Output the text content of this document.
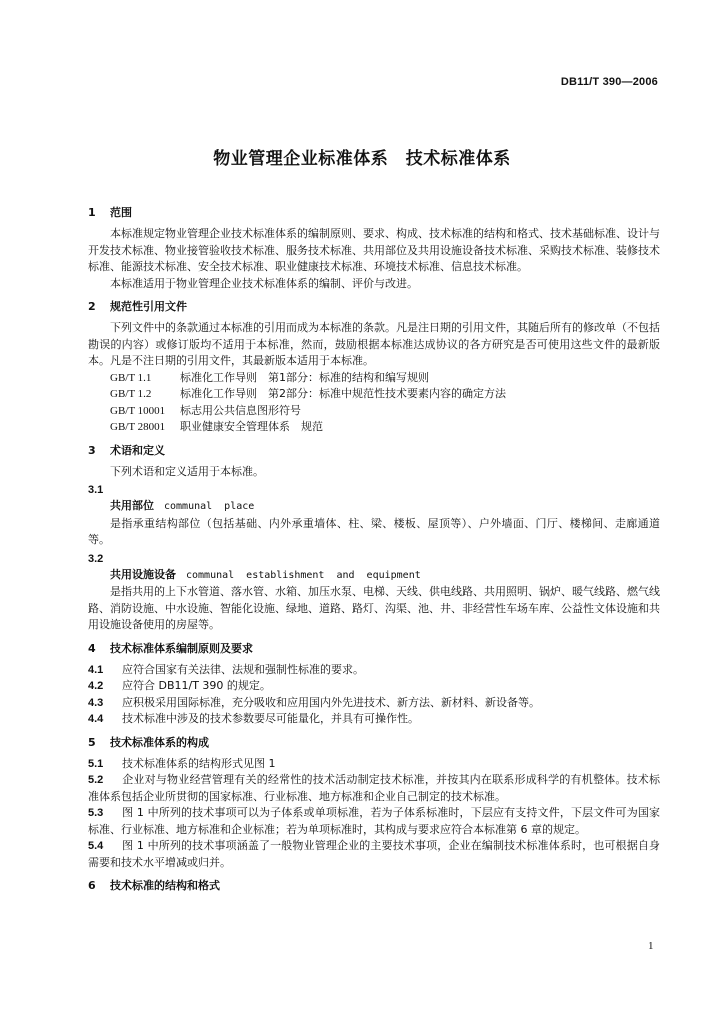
DB11/T 390—2006
物业管理企业标准体系　技术标准体系
1 范围

本标准规定物业管理企业技术标准体系的编制原则、要求、构成、技术标准的结构和格式、技术基础标准、设计与开发技术标准、物业接管验收技术标准、服务技术标准、共用部位及共用设施设备技术标准、采购技术标准、装修技术标准、能源技术标准、安全技术标准、职业健康技术标准、环境技术标准、信息技术标准。

本标准适用于物业管理企业技术标准体系的编制、评价与改进。

2 规范性引用文件

下列文件中的条款通过本标准的引用而成为本标准的条款。凡是注日期的引用文件，其随后所有的修改单（不包括勘误的内容）或修订版均不适用于本标准，然而，鼓励根据本标准达成协议的各方研究是否可使用这些文件的最新版本。凡是不注日期的引用文件，其最新版本适用于本标准。

GB/T 1.1	标准化工作导则　第1部分：标准的结构和编写规则
GB/T 1.2	标准化工作导则　第2部分：标准中规范性技术要素内容的确定方法
GB/T 10001 标志用公共信息图形符号
GB/T 28001 职业健康安全管理体系　规范
3 术语和定义

下列术语和定义适用于本标准。

3.1
共用部位 communal place

是指承重结构部位（包括基础、内外承重墙体、柱、梁、楼板、屋顶等）、户外墙面、门厅、楼梯间、走廊通道等。

3.2
共用设施设备 communal establishment and equipment

是指共用的上下水管道、落水管、水箱、加压水泵、电梯、天线、供电线路、共用照明、锅炉、暖气线路、燃气线路、消防设施、中水设施、智能化设施、绿地、道路、路灯、沟渠、池、井、非经营性车场车库、公益性文体设施和共用设施设备使用的房屋等。

4 技术标准体系编制原则及要求

4.1 应符合国家有关法律、法规和强制性标准的要求。

4.2 应符合 DB11/T 390 的规定。

4.3 应积极采用国际标准，充分吸收和应用国内外先进技术、新方法、新材料、新设备等。

4.4 技术标准中涉及的技术参数要尽可能量化，并具有可操作性。

5 技术标准体系的构成

5.1 技术标准体系的结构形式见图 1

5.2 企业对与物业经营管理有关的经常性的技术活动制定技术标准，并按其内在联系形成科学的有机整体。技术标准体系包括企业所贯彻的国家标准、行业标准、地方标准和企业自己制定的技术标准。

5.3 图 1 中所列的技术事项可以为子体系或单项标准，若为子体系标准时，下层应有支持文件，下层文件可为国家标准、行业标准、地方标准和企业标准；若为单项标准时，其构成与要求应符合本标准第 6 章的规定。

5.4 图 1 中所列的技术事项涵盖了一般物业管理企业的主要技术事项，企业在编制技术标准体系时，也可根据自身需要和技术水平增减或归并。

6 技术标准的结构和格式
1
